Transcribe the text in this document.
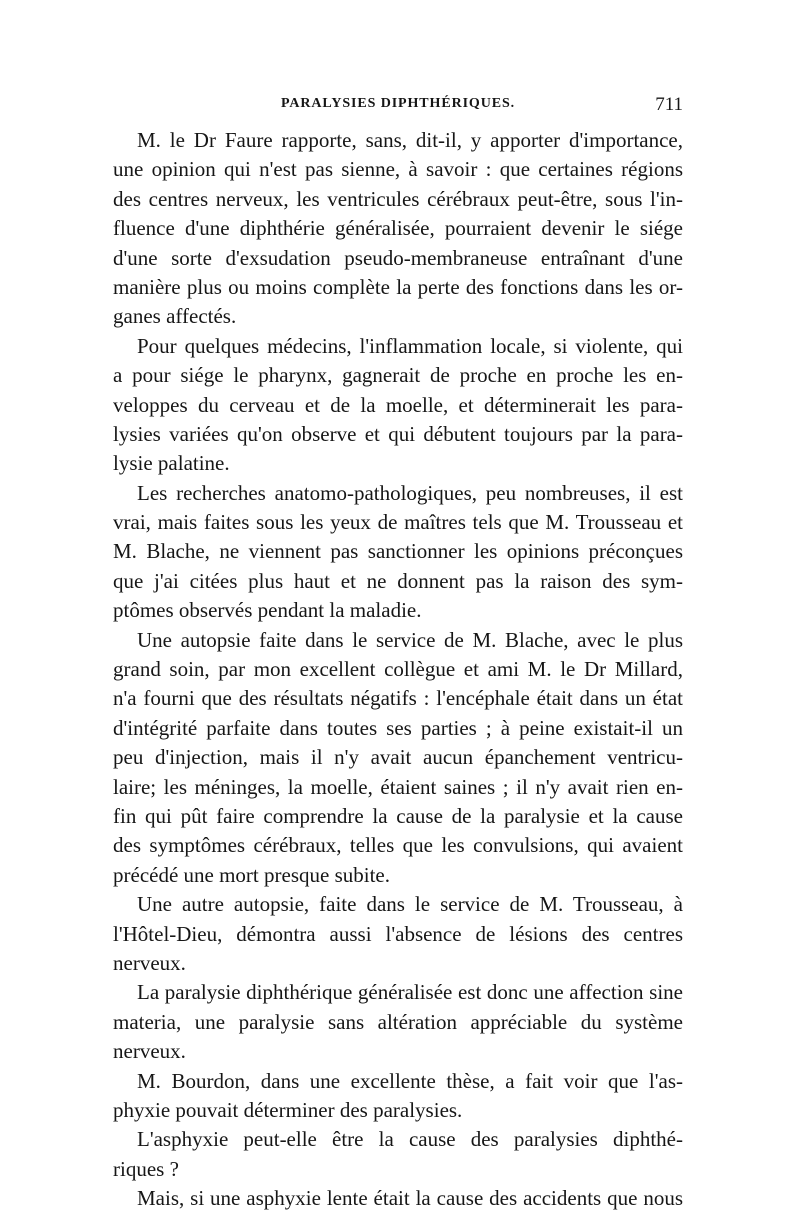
PARALYSIES DIPHTHÉRIQUES.	711
M. le Dr Faure rapporte, sans, dit-il, y apporter d'importance,
une opinion qui n'est pas sienne, à savoir : que certaines régions
des centres nerveux, les ventricules cérébraux peut-être, sous l'in-
fluence d'une diphthérie généralisée, pourraient devenir le siége
d'une sorte d'exsudation pseudo-membraneuse entraînant d'une
manière plus ou moins complète la perte des fonctions dans les or-
ganes affectés.
Pour quelques médecins, l'inflammation locale, si violente, qui
a pour siége le pharynx, gagnerait de proche en proche les en-
veloppes du cerveau et de la moelle, et déterminerait les para-
lysies variées qu'on observe et qui débutent toujours par la para-
lysie palatine.
Les recherches anatomo-pathologiques, peu nombreuses, il est
vrai, mais faites sous les yeux de maîtres tels que M. Trousseau et
M. Blache, ne viennent pas sanctionner les opinions préconçues
que j'ai citées plus haut et ne donnent pas la raison des sym-
ptômes observés pendant la maladie.
Une autopsie faite dans le service de M. Blache, avec le plus
grand soin, par mon excellent collègue et ami M. le Dr Millard,
n'a fourni que des résultats négatifs : l'encéphale était dans un état
d'intégrité parfaite dans toutes ses parties ; à peine existait-il un
peu d'injection, mais il n'y avait aucun épanchement ventricu-
laire; les méninges, la moelle, étaient saines ; il n'y avait rien en-
fin qui pût faire comprendre la cause de la paralysie et la cause
des symptômes cérébraux, telles que les convulsions, qui avaient
précédé une mort presque subite.
Une autre autopsie, faite dans le service de M. Trousseau, à
l'Hôtel-Dieu, démontra aussi l'absence de lésions des centres
nerveux.
La paralysie diphthérique généralisée est donc une affection sine
materia, une paralysie sans altération appréciable du système
nerveux.
M. Bourdon, dans une excellente thèse, a fait voir que l'as-
phyxie pouvait déterminer des paralysies.
L'asphyxie peut-elle être la cause des paralysies diphthé-
riques ?
Mais, si une asphyxie lente était la cause des accidents que nous
